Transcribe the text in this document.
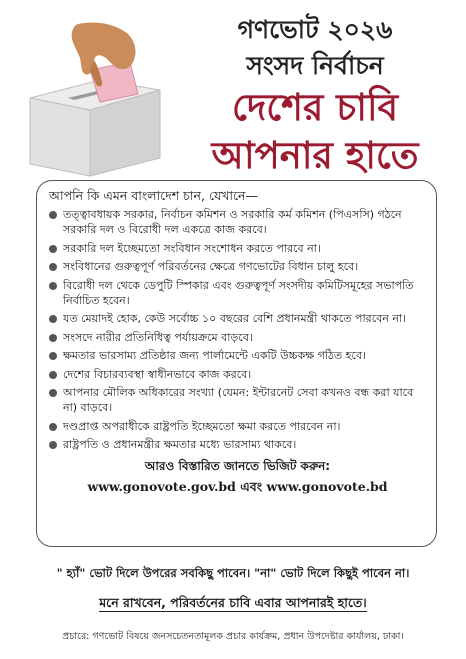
গণভোট ২০২৬
সংসদ নির্বাচন
দেশের চাবি
আপনার হাতে
আপনি কি এমন বাংলাদেশ চান, যেখানে—
তত্ত্বাবধায়ক সরকার, নির্বাচন কমিশন ও সরকারি কর্ম কমিশন (পিএসসি) গঠনে সরকারি দল ও বিরোধী দল একত্রে কাজ করবে।
সরকারি দল ইচ্ছেমতো সংবিধান সংশোধন করতে পারবে না।
সংবিধানের গুরুত্বপূর্ণ পরিবর্তনের ক্ষেত্রে গণভোটের বিধান চালু হবে।
বিরোধী দল থেকে ডেপুটি স্পিকার এবং গুরুত্বপূর্ণ সংসদীয় কমিটিসমূহের সভাপতি নির্বাচিত হবেন।
যত মেয়াদই হোক, কেউ সর্বোচ্চ ১০ বছরের বেশি প্রধানমন্ত্রী থাকতে পারবেন না।
সংসদে নারীর প্রতিনিধিত্ব পর্যায়ক্রমে বাড়বে।
ক্ষমতার ভারসাম্য প্রতিষ্ঠার জন্য পার্লামেন্টে একটি উচ্চকক্ষ গঠিত হবে।
দেশের বিচারব্যবস্থা স্বাধীনভাবে কাজ করবে।
আপনার মৌলিক অধিকারের সংখ্যা (যেমন: ইন্টারনেট সেবা কখনও বন্ধ করা যাবে না) বাড়বে।
দণ্ডপ্রাপ্ত অপরাধীকে রাষ্ট্রপতি ইচ্ছেমতো ক্ষমা করতে পারবেন না।
রাষ্ট্রপতি ও প্রধানমন্ত্রীর ক্ষমতার মধ্যে ভারসাম্য থাকবে।
আরও বিস্তারিত জানতে ভিজিট করুন:
www.gonovote.gov.bd এবং www.gonovote.bd
" হ্যাঁ" ভোট দিলে উপরের সবকিছু পাবেন। "না" ভোট দিলে কিছুই পাবেন না।
মনে রাখবেন, পরিবর্তনের চাবি এবার আপনারই হাতে।
প্রচারে: গণভোট বিষয়ে জনসচেতনতামূলক প্রচার কার্যক্রম, প্রধান উপদেষ্টার কার্যালয়, ঢাকা।
